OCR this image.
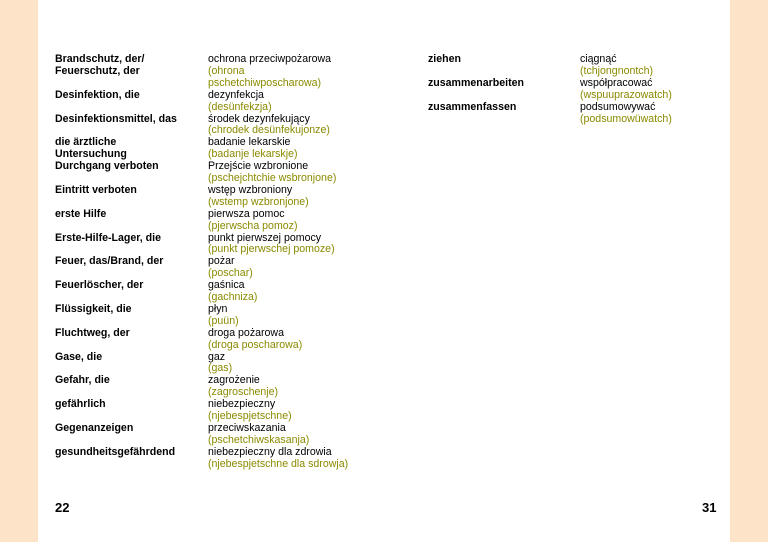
Brandschutz, der/
Feuerschutz, der
Desinfektion, die
Desinfektionsmittel, das
die ärztliche
Untersuchung
Durchgang verboten
Eintritt verboten
erste Hilfe
Erste-Hilfe-Lager, die
Feuer, das/Brand, der
Feuerlöscher, der
Flüssigkeit, die
Fluchtweg, der
Gase, die
Gefahr, die
gefährlich
Gegenanzeigen
gesundheitsgefährdend
ochrona przeciwpożarowa
(ohrona
pschetchiwposcharowa)
dezynfekcja
(desünfekzja)
środek dezynfekujący
(chrodek desünfekujonze)
badanie lekarskie
(badanje lekarskje)
Przejście wzbronione
(pschejchtchie wsbronjone)
wstęp wzbroniony
(wstemp wzbronjone)
pierwsza pomoc
(pjerwscha pomoz)
punkt pierwszej pomocy
(punkt pjerwschej pomoze)
pożar
(poschar)
gaśnica
(gachniza)
płyn
(puün)
droga pożarowa
(droga poscharowa)
gaz
(gas)
zagrożenie
(zagroschenje)
niebezpieczny
(njebespjetschne)
przeciwskazania
(pschetchiwskasanja)
niebezpieczny dla zdrowia
(njebespjetschne dla sdrowja)
ziehen
zusammenarbeiten
zusammenfassen
ciągnąć
(tchjongnontch)
współpracować
(wspuuprazowatch)
podsumowywać
(podsumowüwatch)
22	31
